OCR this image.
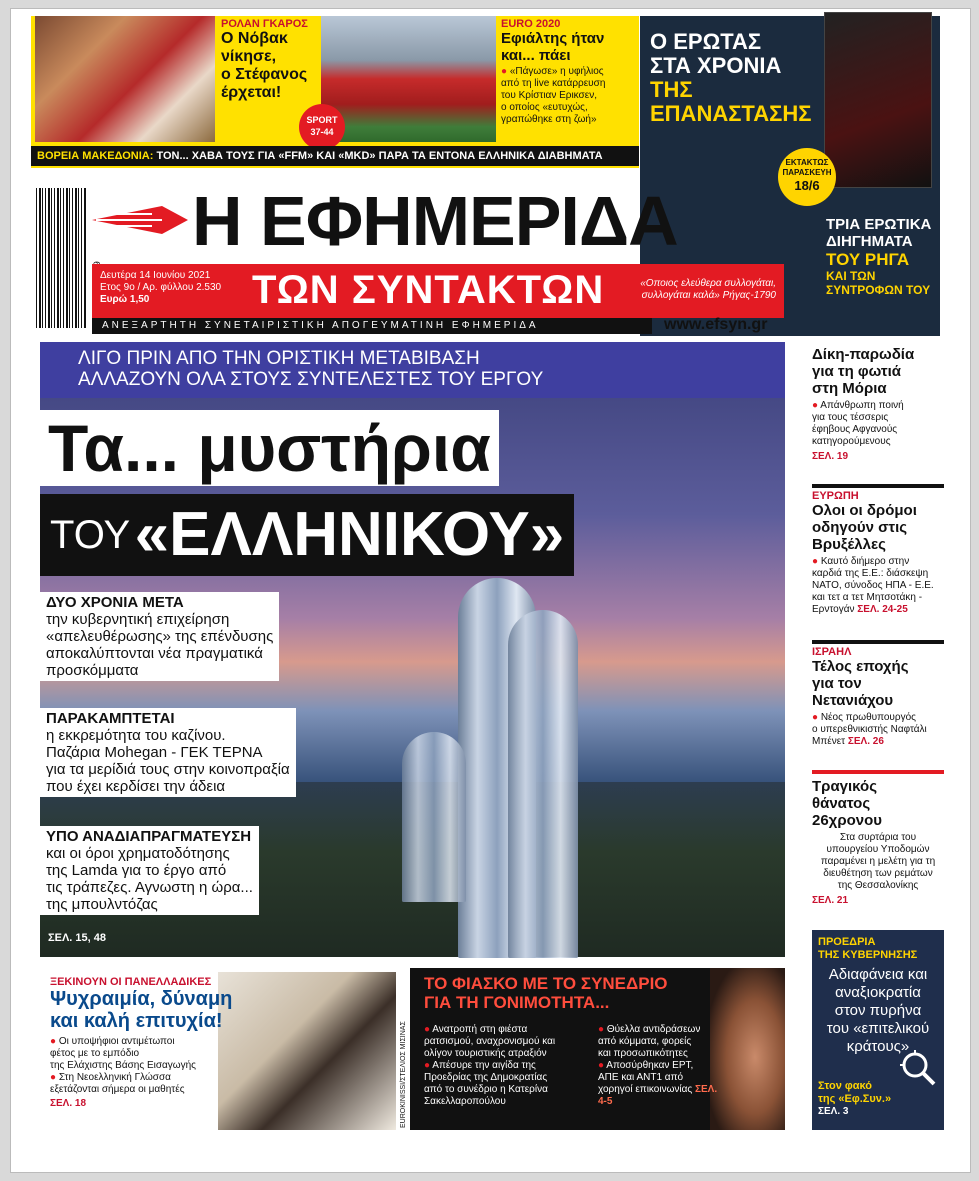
ΡΟΛΑΝ ΓΚΑΡΟΣ
Ο Νόβακ
νίκησε,
ο Στέφανος
έρχεται!
SPORT
37-44
EURO 2020
Εφιάλτης ήταν
και... πάει
● «Πάγωσε» η υφήλιος
από τη live κατάρρευση
του Κρίστιαν Ερικσεν,
ο οποίος «ευτυχώς,
γραπώθηκε στη ζωή»
ΒΟΡΕΙΑ ΜΑΚΕΔΟΝΙΑ: ΤΟΝ... ΧΑΒΑ ΤΟΥΣ ΓΙΑ «FFM» ΚΑΙ «MKD» ΠΑΡΑ ΤΑ ΕΝΤΟΝΑ ΕΛΛΗΝΙΚΑ ΔΙΑΒΗΜΑΤΑ
Ο ΕΡΩΤΑΣ
ΣΤΑ ΧΡΟΝΙΑ
ΤΗΣ
ΕΠΑΝΑΣΤΑΣΗΣ
ΕΚΤΑΚΤΩΣ
ΠΑΡΑΣΚΕΥΗ
18/6
ΤΡΙΑ ΕΡΩΤΙΚΑ
ΔΙΗΓΗΜΑΤΑ
ΤΟΥ ΡΗΓΑ
ΚΑΙ ΤΩΝ
ΣΥΝΤΡΟΦΩΝ ΤΟΥ
Η ΕΦΗΜΕΡΙΔΑ
Δευτέρα 14 Ιουνίου 2021
Ετος 9ο / Αρ. φύλλου 2.530
Ευρώ 1,50	ΤΩΝ ΣΥΝΤΑΚΤΩΝ	«Οποιος ελεύθερα συλλογάται,
συλλογάται καλά» Ρήγας-1790
ΑΝΕΞΑΡΤΗΤΗ ΣΥΝΕΤΑΙΡΙΣΤΙΚΗ ΑΠΟΓΕΥΜΑΤΙΝΗ ΕΦΗΜΕΡΙΔΑ	www.efsyn.gr
ΛΙΓΟ ΠΡΙΝ ΑΠΟ ΤΗΝ ΟΡΙΣΤΙΚΗ ΜΕΤΑΒΙΒΑΣΗ
ΑΛΛΑΖΟΥΝ ΟΛΑ ΣΤΟΥΣ ΣΥΝΤΕΛΕΣΤΕΣ ΤΟΥ ΕΡΓΟΥ
Τα... μυστήρια
ΤΟΥ «ΕΛΛΗΝΙΚΟΥ»
ΔΥΟ ΧΡΟΝΙΑ ΜΕΤΑ
την κυβερνητική επιχείρηση
«απελευθέρωσης» της επένδυσης
αποκαλύπτονται νέα πραγματικά
προσκόμματα
ΠΑΡΑΚΑΜΠΤΕΤΑΙ
η εκκρεμότητα του καζίνου.
Παζάρια Mohegan - ΓΕΚ ΤΕΡΝΑ
για τα μερίδιά τους στην κοινοπραξία
που έχει κερδίσει την άδεια
ΥΠΟ ΑΝΑΔΙΑΠΡΑΓΜΑΤΕΥΣΗ
και οι όροι χρηματοδότησης
της Lamda για το έργο από
τις τράπεζες. Αγνωστη η ώρα...
της μπουλντόζας
ΣΕΛ. 15, 48
Δίκη-παρωδία
για τη φωτιά
στη Μόρια
● Απάνθρωπη ποινή
για τους τέσσερις
έφηβους Αφγανούς
κατηγορούμενους
ΣΕΛ. 19
ΕΥΡΩΠΗ
Ολοι οι δρόμοι
οδηγούν στις
Βρυξέλλες
● Καυτό διήμερο στην
καρδιά της Ε.Ε.: διάσκεψη
ΝΑΤΟ, σύνοδος ΗΠΑ - Ε.Ε.
και τετ α τετ Μητσοτάκη -
Ερντογάν ΣΕΛ. 24-25
ΙΣΡΑΗΛ
Τέλος εποχής
για τον
Νετανιάχου
● Νέος πρωθυπουργός
ο υπερεθνικιστής Ναφτάλι
Μπένετ ΣΕΛ. 26
Τραγικός
θάνατος
26χρονου
Στα συρτάρια του
υπουργείου Υποδομών
παραμένει η μελέτη για τη
διευθέτηση των ρεμάτων
της Θεσσαλονίκης
ΣΕΛ. 21
ΠΡΟΕΔΡΙΑ
ΤΗΣ ΚΥΒΕΡΝΗΣΗΣ
Αδιαφάνεια και
αναξιοκρατία
στον πυρήνα
του «επιτελικού
κράτους»
Στον φακό
της «Εφ.Συν.»
ΣΕΛ. 3
ΞΕΚΙΝΟΥΝ ΟΙ ΠΑΝΕΛΛΑΔΙΚΕΣ
Ψυχραιμία, δύναμη
και καλή επιτυχία!
● Οι υποψήφιοι αντιμέτωποι
φέτος με το εμπόδιο
της Ελάχιστης Βάσης Εισαγωγής
● Στη Νεοελληνική Γλώσσα
εξετάζονται σήμερα οι μαθητές
ΣΕΛ. 18	EUROKINISSI/ΣΤΕΛΙΟΣ ΜΙΣΙΝΑΣ
ΤΟ ΦΙΑΣΚΟ ΜΕ ΤΟ ΣΥΝΕΔΡΙΟ
ΓΙΑ ΤΗ ΓΟΝΙΜΟΤΗΤΑ...
● Ανατροπή στη φιέστα
ρατσισμού, αναχρονισμού και
ολίγον τουριστικής ατραξιόν
● Απέσυρε την αιγίδα της
Προεδρίας της Δημοκρατίας
από το συνέδριο η Κατερίνα
Σακελλαροπούλου
● Θύελλα αντιδράσεων
από κόμματα, φορείς
και προσωπικότητες
● Αποσύρθηκαν ΕΡΤ,
ΑΠΕ και ΑΝΤ1 από
χορηγοί επικοινωνίας ΣΕΛ. 4-5
